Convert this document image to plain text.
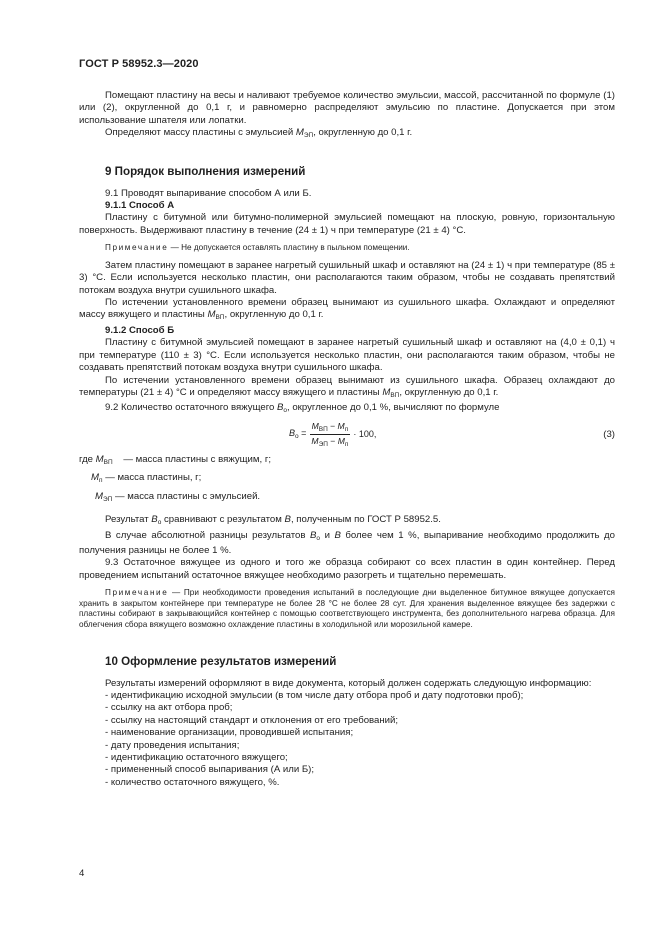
ГОСТ Р 58952.3—2020

Помещают пластину на весы и наливают требуемое количество эмульсии, массой, рассчитанной по формуле (1) или (2), округленной до 0,1 г, и равномерно распределяют эмульсию по пластине. Допускается при этом использование шпателя или лопатки.

Определяют массу пластины с эмульсией $M_{ЭП}$, округленную до 0,1 г.

9 Порядок выполнения измерений

9.1 Проводят выпаривание способом А или Б.

9.1.1 Способ А

Пластину с битумной или битумно-полимерной эмульсией помещают на плоскую, ровную, горизонтальную поверхность. Выдерживают пластину в течение (24 ± 1) ч при температуре (21 ± 4) °С.

Примечание — Не допускается оставлять пластину в пыльном помещении.

Затем пластину помещают в заранее нагретый сушильный шкаф и оставляют на (24 ± 1) ч при температуре (85 ± 3) °С. Если используется несколько пластин, они располагаются таким образом, чтобы не создавать препятствий потокам воздуха внутри сушильного шкафа.

По истечении установленного времени образец вынимают из сушильного шкафа. Охлаждают и определяют массу вяжущего и пластины $M_{ВП}$, округленную до 0,1 г.

9.1.2 Способ Б

Пластину с битумной эмульсией помещают в заранее нагретый сушильный шкаф и оставляют на (4,0 ± 0,1) ч при температуре (110 ± 3) °С. Если используется несколько пластин, они располагаются таким образом, чтобы не создавать препятствий потокам воздуха внутри сушильного шкафа.

По истечении установленного времени образец вынимают из сушильного шкафа. Образец охлаждают до температуры (21 ± 4) °С и определяют массу вяжущего и пластины $M_{ВП}$, округленную до 0,1 г.

9.2 Количество остаточного вяжущего $B_о$, округленное до 0,1 %, вычисляют по формуле

$B_о = \frac{M_{ВП} - M_п}{M_{ЭП} - M_п} \cdot 100$,	(3)
где $M_{ВП}$ — масса пластины с вяжущим, г;
$M_п$ — масса пластины, г;
$M_{ЭП}$ — масса пластины с эмульсией.

Результат $B_о$ сравнивают с результатом B, полученным по ГОСТ Р 58952.5.

В случае абсолютной разницы результатов $B_о$ и B более чем 1 %, выпаривание необходимо продолжить до получения разницы не более 1 %.

9.3 Остаточное вяжущее из одного и того же образца собирают со всех пластин в один контейнер. Перед проведением испытаний остаточное вяжущее необходимо разогреть и тщательно перемешать.

Примечание — При необходимости проведения испытаний в последующие дни выделенное битумное вяжущее допускается хранить в закрытом контейнере при температуре не более 28 °С не более 28 сут. Для хранения выделенное вяжущее без задержки с пластины собирают в закрывающийся контейнер с помощью соответствующего инструмента, без дополнительного нагрева образца. Для облегчения сбора вяжущего возможно охлаждение пластины в холодильной или морозильной камере.

10 Оформление результатов измерений

Результаты измерений оформляют в виде документа, который должен содержать следующую информацию:

- идентификацию исходной эмульсии (в том числе дату отбора проб и дату подготовки проб);
- ссылку на акт отбора проб;
- ссылку на настоящий стандарт и отклонения от его требований;
- наименование организации, проводившей испытания;
- дату проведения испытания;
- идентификацию остаточного вяжущего;
- примененный способ выпаривания (А или Б);
- количество остаточного вяжущего, %.
4
